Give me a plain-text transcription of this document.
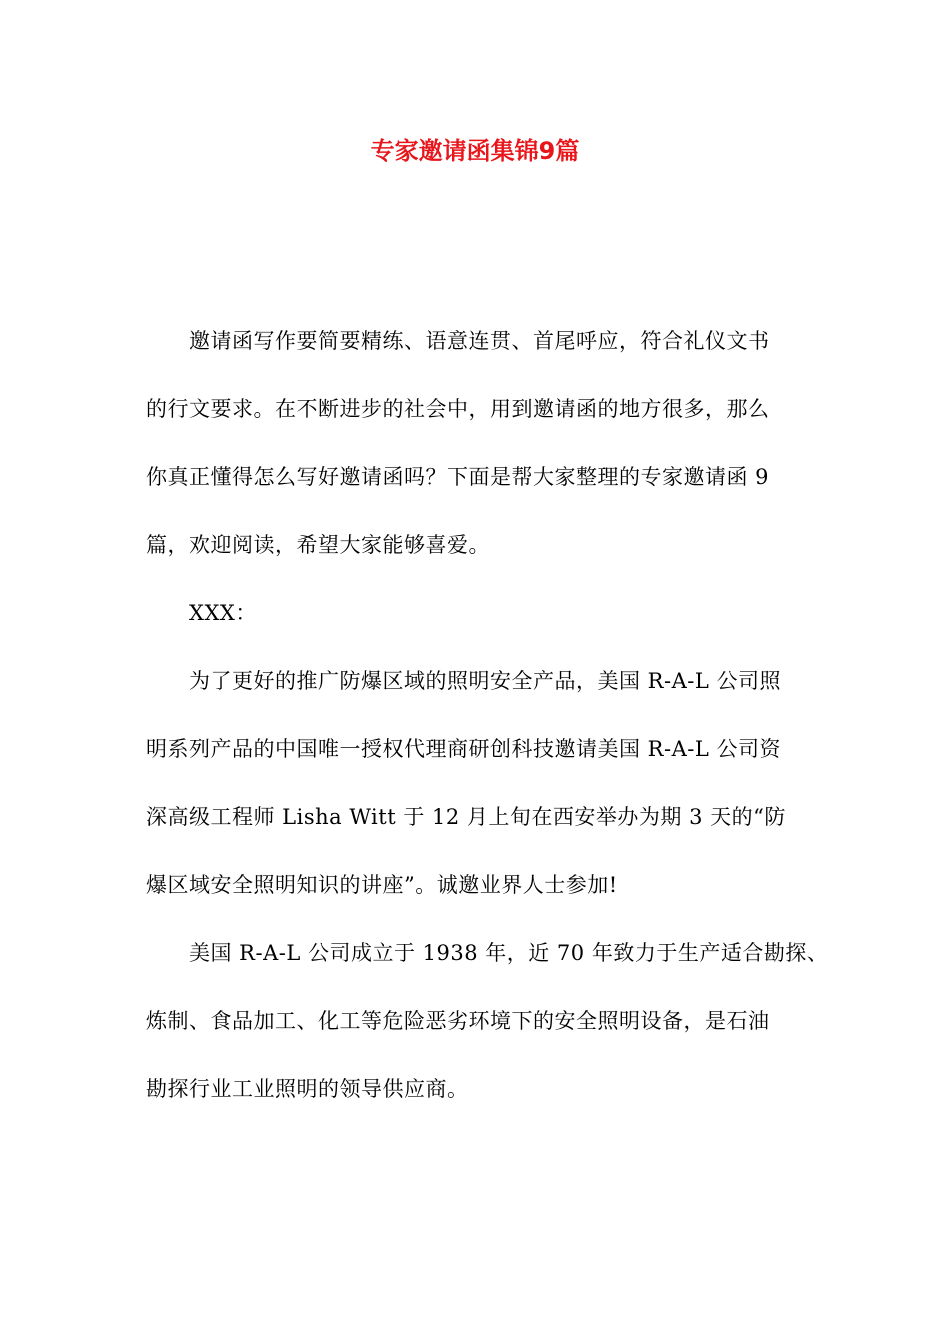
专家邀请函集锦9篇
邀请函写作要简要精练、语意连贯、首尾呼应，符合礼仪文书
的行文要求。在不断进步的社会中，用到邀请函的地方很多，那么
你真正懂得怎么写好邀请函吗？下面是帮大家整理的专家邀请函 9
篇，欢迎阅读，希望大家能够喜爱。
XXX：
为了更好的推广防爆区域的照明安全产品，美国 R-A-L 公司照
明系列产品的中国唯一授权代理商研创科技邀请美国 R-A-L 公司资
深高级工程师 Lisha Witt 于 12 月上旬在西安举办为期 3 天的“防
爆区域安全照明知识的讲座”。诚邀业界人士参加!
美国 R-A-L 公司成立于 1938 年，近 70 年致力于生产适合勘探、
炼制、食品加工、化工等危险恶劣环境下的安全照明设备，是石油
勘探行业工业照明的领导供应商。
